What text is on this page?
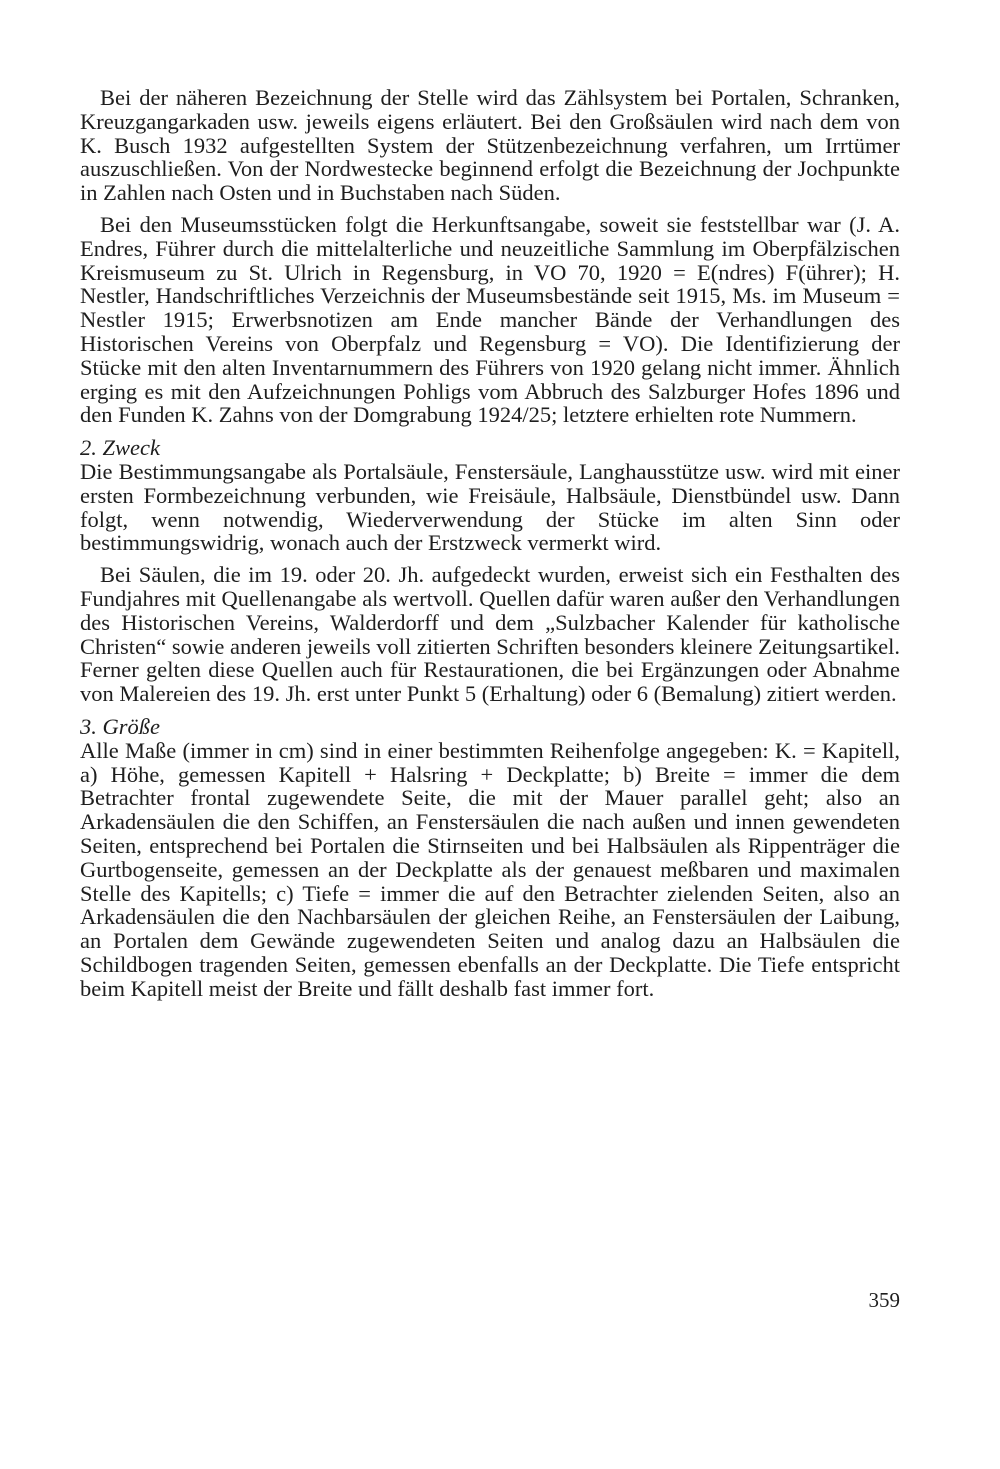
Bei der näheren Bezeichnung der Stelle wird das Zählsystem bei Portalen, Schranken, Kreuzgangarkaden usw. jeweils eigens erläutert. Bei den Großsäulen wird nach dem von K. Busch 1932 aufgestellten System der Stützenbezeichnung verfahren, um Irrtümer auszuschließen. Von der Nordwestecke beginnend erfolgt die Bezeichnung der Jochpunkte in Zahlen nach Osten und in Buchstaben nach Süden.

Bei den Museumsstücken folgt die Herkunftsangabe, soweit sie feststellbar war (J. A. Endres, Führer durch die mittelalterliche und neuzeitliche Sammlung im Oberpfälzischen Kreismuseum zu St. Ulrich in Regensburg, in VO 70, 1920 = E(ndres) F(ührer); H. Nestler, Handschriftliches Verzeichnis der Museumsbestände seit 1915, Ms. im Museum = Nestler 1915; Erwerbsnotizen am Ende mancher Bände der Verhandlungen des Historischen Vereins von Oberpfalz und Regensburg = VO). Die Identifizierung der Stücke mit den alten Inventarnummern des Führers von 1920 gelang nicht immer. Ähnlich erging es mit den Aufzeichnungen Pohligs vom Abbruch des Salzburger Hofes 1896 und den Funden K. Zahns von der Domgrabung 1924/25; letztere erhielten rote Nummern.

2. Zweck

Die Bestimmungsangabe als Portalsäule, Fenstersäule, Langhausstütze usw. wird mit einer ersten Formbezeichnung verbunden, wie Freisäule, Halbsäule, Dienstbündel usw. Dann folgt, wenn notwendig, Wiederverwendung der Stücke im alten Sinn oder bestimmungswidrig, wonach auch der Erstzweck vermerkt wird.

Bei Säulen, die im 19. oder 20. Jh. aufgedeckt wurden, erweist sich ein Festhalten des Fundjahres mit Quellenangabe als wertvoll. Quellen dafür waren außer den Verhandlungen des Historischen Vereins, Walderdorff und dem „Sulzbacher Kalender für katholische Christen“ sowie anderen jeweils voll zitierten Schriften besonders kleinere Zeitungsartikel. Ferner gelten diese Quellen auch für Restaurationen, die bei Ergänzungen oder Abnahme von Malereien des 19. Jh. erst unter Punkt 5 (Erhaltung) oder 6 (Bemalung) zitiert werden.

3. Größe

Alle Maße (immer in cm) sind in einer bestimmten Reihenfolge angegeben: K. = Kapitell, a) Höhe, gemessen Kapitell + Halsring + Deckplatte; b) Breite = immer die dem Betrachter frontal zugewendete Seite, die mit der Mauer parallel geht; also an Arkadensäulen die den Schiffen, an Fenstersäulen die nach außen und innen gewendeten Seiten, entsprechend bei Portalen die Stirnseiten und bei Halbsäulen als Rippenträger die Gurtbogenseite, gemessen an der Deckplatte als der genauest meßbaren und maximalen Stelle des Kapitells; c) Tiefe = immer die auf den Betrachter zielenden Seiten, also an Arkadensäulen die den Nachbarsäulen der gleichen Reihe, an Fenstersäulen der Laibung, an Portalen dem Gewände zugewendeten Seiten und analog dazu an Halbsäulen die Schildbogen tragenden Seiten, gemessen ebenfalls an der Deckplatte. Die Tiefe entspricht beim Kapitell meist der Breite und fällt deshalb fast immer fort.

359
